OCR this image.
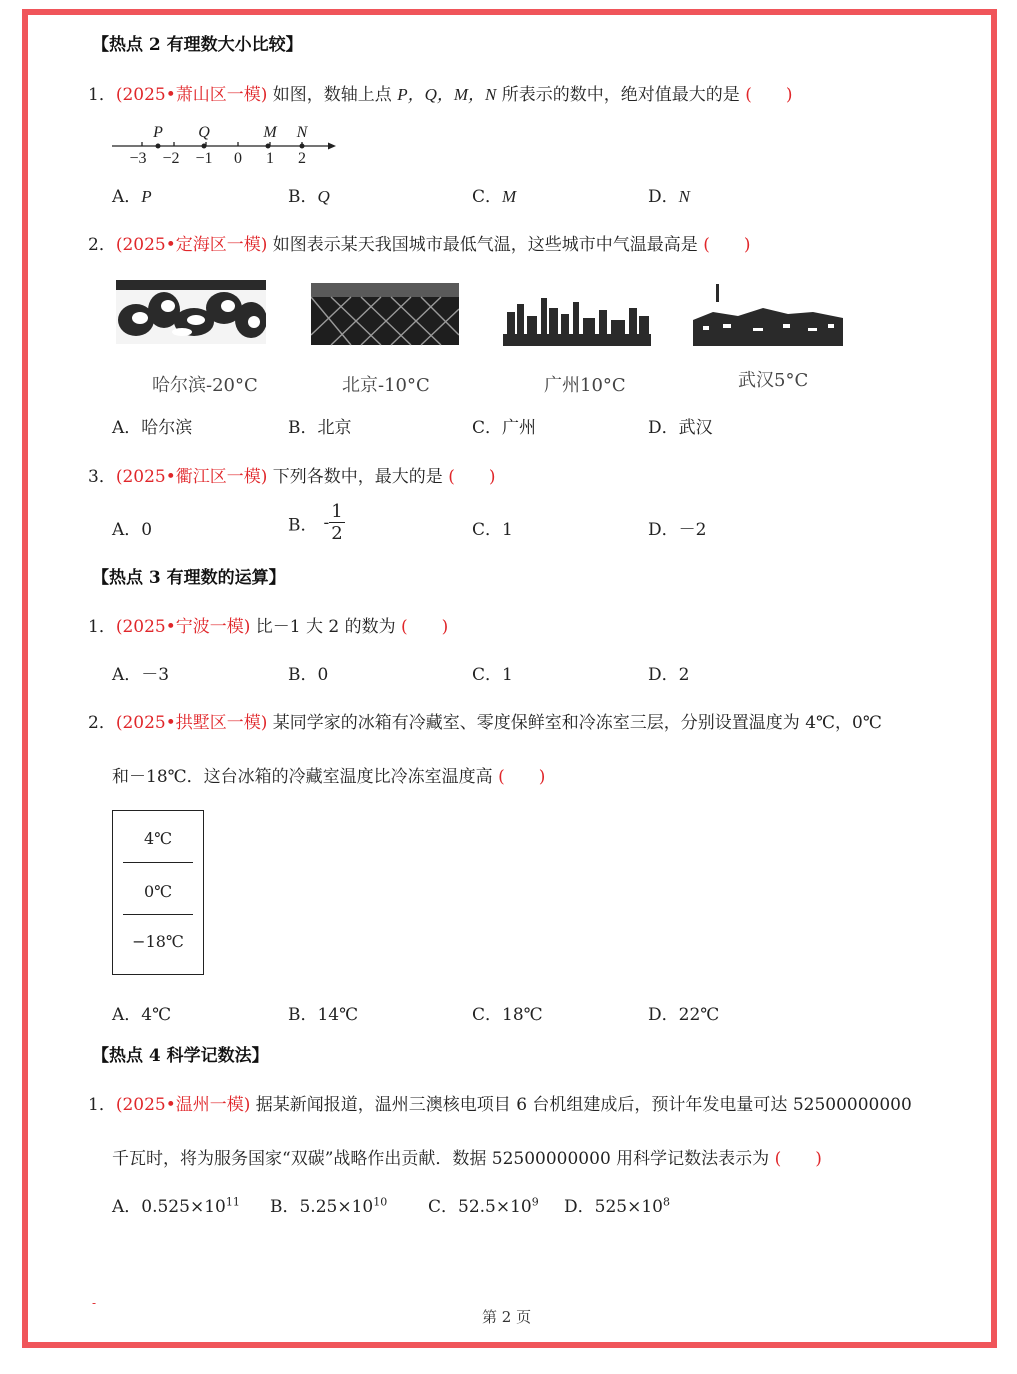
【热点 2 有理数大小比较】
1．(2025•萧山区一模) 如图，数轴上点 P，Q，M，N 所表示的数中，绝对值最大的是 (　　)
P Q	M N
−3 −2 −1 0 1 2
A．P	B．Q	C．M	D．N
2．(2025•定海区一模) 如图表示某天我国城市最低气温，这些城市中气温最高是 (　　)
哈尔滨-20°C	北京-10°C	广州10°C	武汉5°C
A．哈尔滨	B．北京	C．广州	D．武汉
3．(2025•衢江区一模) 下列各数中，最大的是 (　　)
A．0	B． - $\frac{1}{2}$	C．1	D．－2
【热点 3 有理数的运算】
1．(2025•宁波一模) 比－1 大 2 的数为 (　　)
A．－3	B．0	C．1	D．2
2．(2025•拱墅区一模) 某同学家的冰箱有冷藏室、零度保鲜室和冷冻室三层，分别设置温度为 4℃，0℃
和－18℃．这台冰箱的冷藏室温度比冷冻室温度高 (　　)
4℃
0℃
−18℃
A．4℃	B．14℃	C．18℃	D．22℃
【热点 4 科学记数法】
1．(2025•温州一模) 据某新闻报道，温州三澳核电项目 6 台机组建成后，预计年发电量可达 52500000000
千瓦时，将为服务国家“双碳”战略作出贡献．数据 52500000000 用科学记数法表示为 (　　)
A．$0.525\times 10^{11}$ B．$5.25\times 10^{10}$ C．$52.5\times 10^9$ D．$525\times 10^8$
-
第 2 页
